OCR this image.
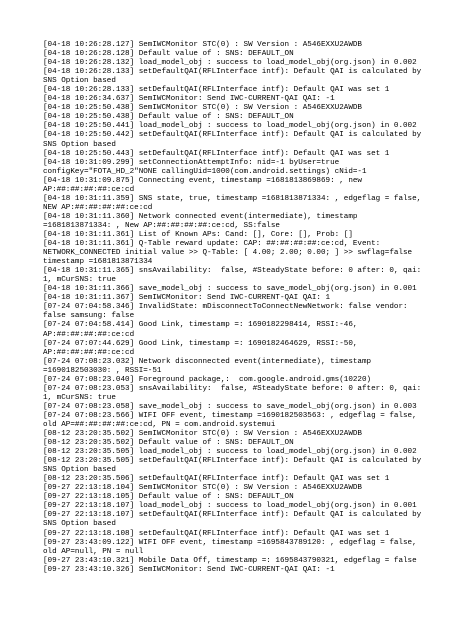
[04-18 10:26:28.127] SemIWCMonitor STC(0) : SW Version : A546EXXU2AWDB
[04-18 10:26:28.128] Default value of : SNS: DEFAULT_ON
[04-18 10:26:28.132] load_model_obj : success to load_model_obj(org.json) in 0.002
[04-18 10:26:28.133] setDefaultQAI(RFLInterface intf): Default QAI is calculated by
SNS Option based
[04-18 10:26:28.133] setDefaultQAI(RFLInterface intf): Default QAI was set 1
[04-18 10:26:34.637] SemIWCMonitor: Send IWC-CURRENT-QAI QAI: -1
[04-18 10:25:50.438] SemIWCMonitor STC(0) : SW Version : A546EXXU2AWDB
[04-18 10:25:50.438] Default value of : SNS: DEFAULT_ON
[04-18 10:25:50.441] load_model_obj : success to load_model_obj(org.json) in 0.002
[04-18 10:25:50.442] setDefaultQAI(RFLInterface intf): Default QAI is calculated by
SNS Option based
[04-18 10:25:50.443] setDefaultQAI(RFLInterface intf): Default QAI was set 1
[04-18 10:31:09.299] setConnectionAttemptInfo: nid=-1 byUser=true
configKey="FOTA_HD_2"NONE callingUid=1000(com.android.settings) cNid=-1
[04-18 10:31:09.875] Connecting event, timestamp =1681813869869: , new
AP:##:##:##:##:ce:cd
[04-18 10:31:11.359] SNS state, true, timestamp =1681813871334: , edgeflag = false,
NEW AP:##:##:##:##:ce:cd
[04-18 10:31:11.360] Network connected event(intermediate), timestamp
=1681813871334: , New AP:##:##:##:##:ce:cd, SS:false
[04-18 10:31:11.361] List of Known APs: Cand: [], Core: [], Prob: []
[04-18 10:31:11.361] Q-Table reward update: CAP: ##:##:##:##:ce:cd, Event:
NETWORK_CONNECTED initial value >> Q-Table: [ 4.00; 2.00; 0.00; ] >> swflag=false
timestamp =1681813871334
[04-18 10:31:11.365] snsAvailability:  false, #SteadyState before: 0 after: 0, qai:
1, mCurSNS: true
[04-18 10:31:11.366] save_model_obj : success to save_model_obj(org.json) in 0.001
[04-18 10:31:11.367] SemIWCMonitor: Send IWC-CURRENT-QAI QAI: 1
[07-24 07:04:58.346] InvalidState: mDisconnectToConnectNewNetwork: false vendor:
false samsung: false
[07-24 07:04:58.414] Good Link, timestamp =: 1690182298414, RSSI:-46,
AP:##:##:##:##:ce:cd
[07-24 07:07:44.629] Good Link, timestamp =: 1690182464629, RSSI:-50,
AP:##:##:##:##:ce:cd
[07-24 07:08:23.032] Network disconnected event(intermediate), timestamp
=1690182503030: , RSSI=-51
[07-24 07:08:23.040] Foreground package,:  com.google.android.gms(10220)
[07-24 07:08:23.053] snsAvailability:  false, #SteadyState before: 0 after: 0, qai:
1, mCurSNS: true
[07-24 07:08:23.058] save_model_obj : success to save_model_obj(org.json) in 0.003
[07-24 07:08:23.566] WIFI OFF event, timestamp =1690182503563: , edgeflag = false,
old AP=##:##:##:##:ce:cd, PN = com.android.systemui
[08-12 23:20:35.502] SemIWCMonitor STC(0) : SW Version : A546EXXU2AWDB
[08-12 23:20:35.502] Default value of : SNS: DEFAULT_ON
[08-12 23:20:35.505] load_model_obj : success to load_model_obj(org.json) in 0.002
[08-12 23:20:35.505] setDefaultQAI(RFLInterface intf): Default QAI is calculated by
SNS Option based
[08-12 23:20:35.506] setDefaultQAI(RFLInterface intf): Default QAI was set 1
[09-27 22:13:18.104] SemIWCMonitor STC(0) : SW Version : A546EXXU2AWDB
[09-27 22:13:18.105] Default value of : SNS: DEFAULT_ON
[09-27 22:13:18.107] load_model_obj : success to load_model_obj(org.json) in 0.001
[09-27 22:13:18.107] setDefaultQAI(RFLInterface intf): Default QAI is calculated by
SNS Option based
[09-27 22:13:18.108] setDefaultQAI(RFLInterface intf): Default QAI was set 1
[09-27 23:43:09.122] WIFI OFF event, timestamp =1695843789120: , edgeflag = false,
old AP=null, PN = null
[09-27 23:43:10.321] Mobile Data Off, timestamp =: 1695843790321, edgeflag = false
[09-27 23:43:10.326] SemIWCMonitor: Send IWC-CURRENT-QAI QAI: -1
